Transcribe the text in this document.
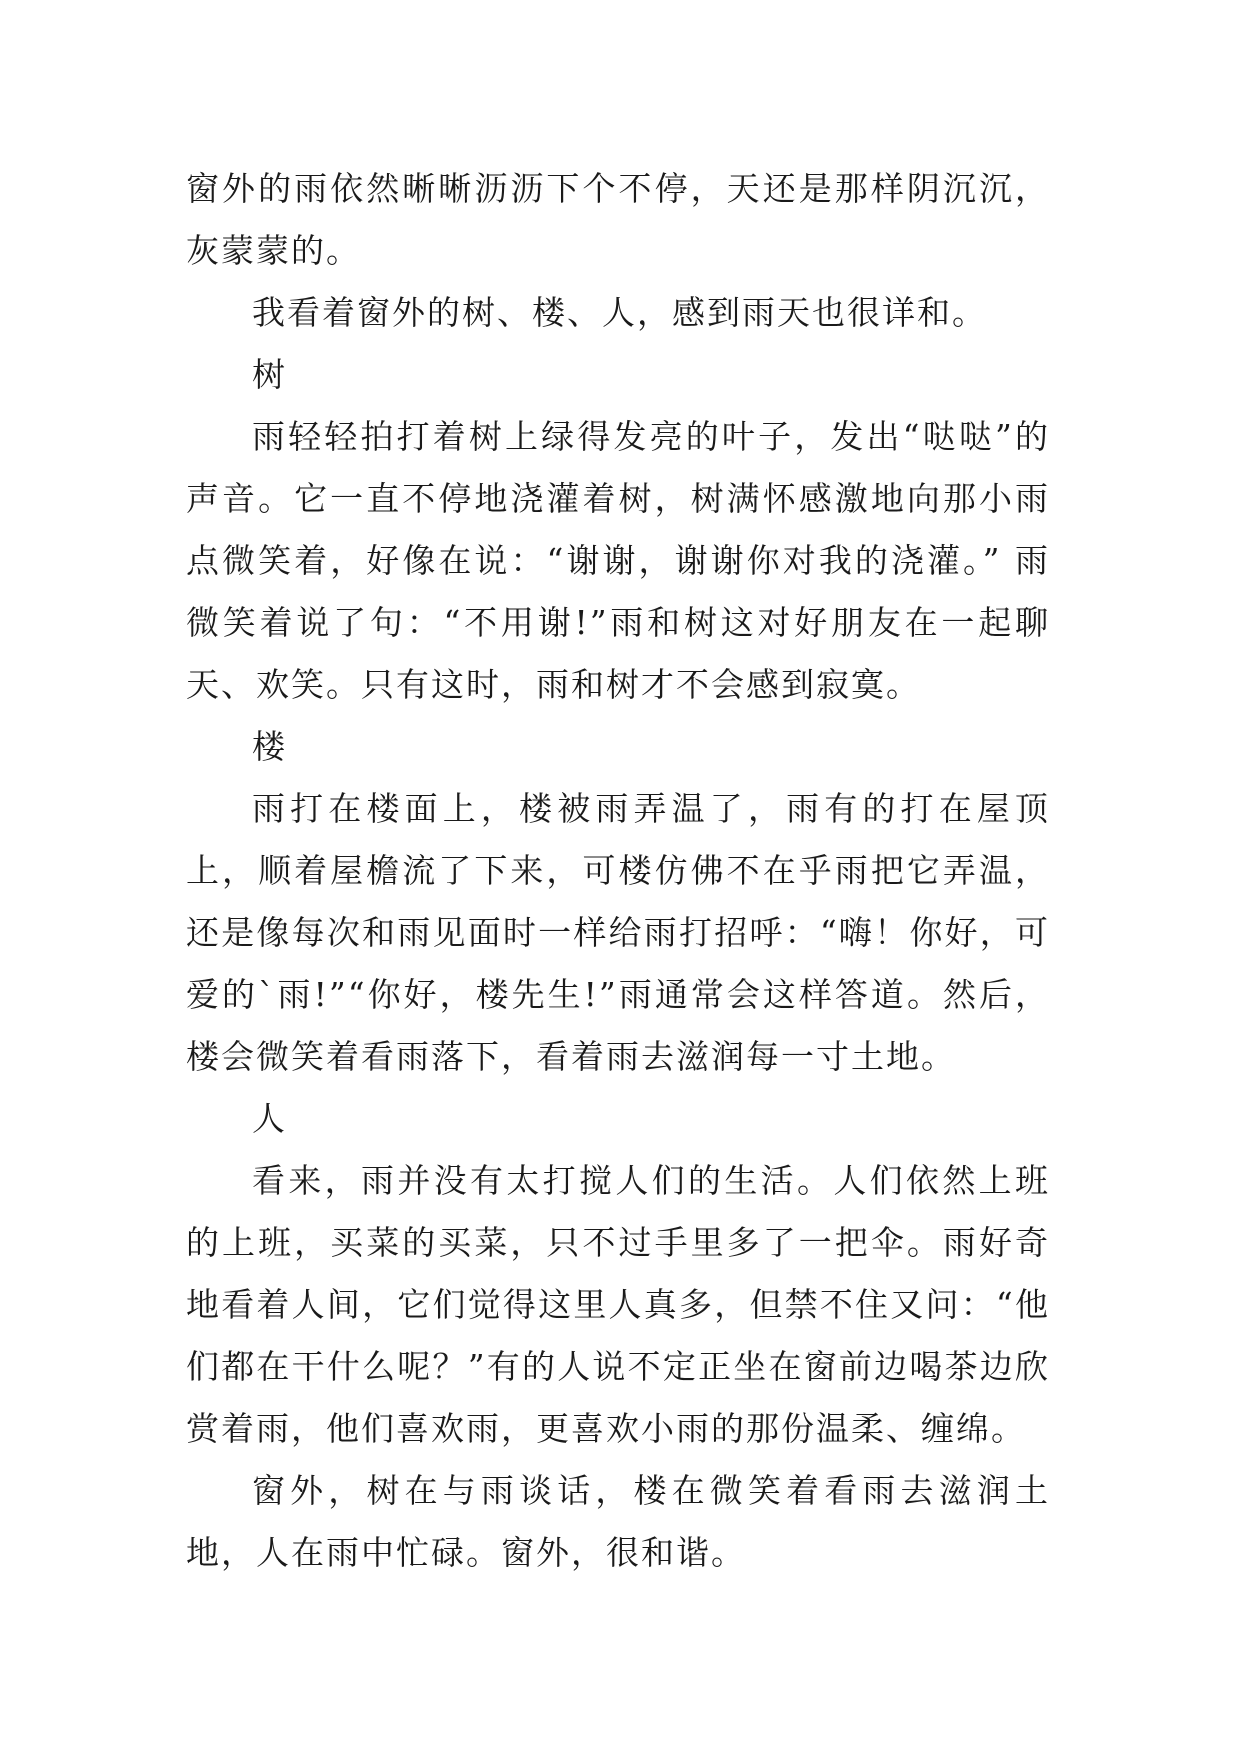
窗外的雨依然晰晰沥沥下个不停，天还是那样阴沉沉，灰蒙蒙的。

我看着窗外的树、楼、人，感到雨天也很详和。

树

雨轻轻拍打着树上绿得发亮的叶子，发出“哒哒”的声音。它一直不停地浇灌着树，树满怀感激地向那小雨点微笑着，好像在说：“谢谢，谢谢你对我的浇灌。” 雨微笑着说了句：“不用谢!”雨和树这对好朋友在一起聊天、欢笑。只有这时，雨和树才不会感到寂寞。

楼

雨打在楼面上，楼被雨弄温了，雨有的打在屋顶上，顺着屋檐流了下来，可楼仿佛不在乎雨把它弄温，还是像每次和雨见面时一样给雨打招呼：“嗨！你好，可爱的`雨!”“你好，楼先生!”雨通常会这样答道。然后，楼会微笑着看雨落下，看着雨去滋润每一寸土地。

人

看来，雨并没有太打搅人们的生活。人们依然上班的上班，买菜的买菜，只不过手里多了一把伞。雨好奇地看着人间，它们觉得这里人真多，但禁不住又问：“他们都在干什么呢？”有的人说不定正坐在窗前边喝茶边欣赏着雨，他们喜欢雨，更喜欢小雨的那份温柔、缠绵。

窗外，树在与雨谈话，楼在微笑着看雨去滋润土地，人在雨中忙碌。窗外，很和谐。
